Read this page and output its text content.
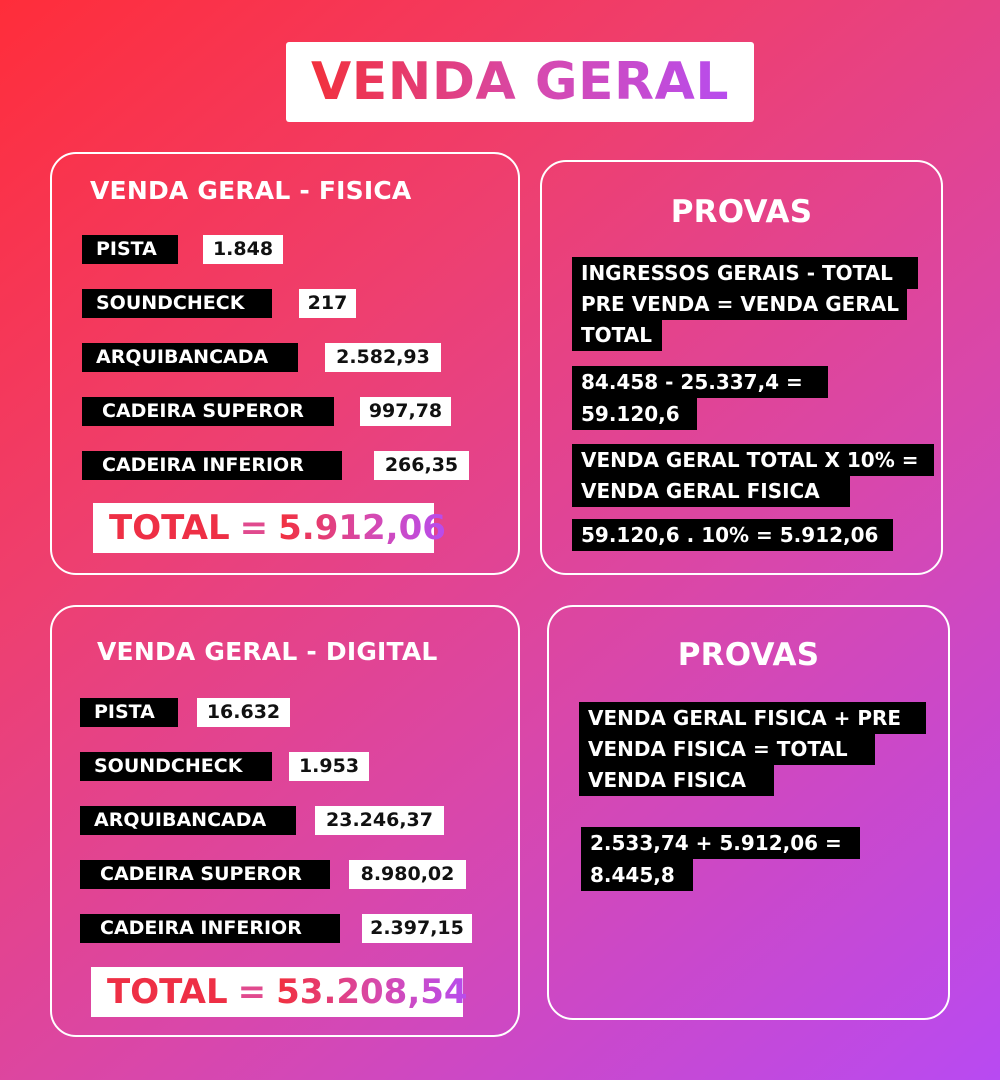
VENDA GERAL
VENDA GERAL - FISICA
PISTA	1.848
SOUNDCHECK	217
ARQUIBANCADA	2.582,93
CADEIRA SUPEROR	997,78
CADEIRA INFERIOR	266,35
TOTAL = 5.912,06
PROVAS
INGRESSOS GERAIS - TOTAL
PRE VENDA = VENDA GERAL
TOTAL
84.458 - 25.337,4 =
59.120,6
VENDA GERAL TOTAL X 10% =
VENDA GERAL FISICA
59.120,6 . 10% = 5.912,06
VENDA GERAL - DIGITAL
PISTA	16.632
SOUNDCHECK	1.953
ARQUIBANCADA	23.246,37
CADEIRA SUPEROR	8.980,02
CADEIRA INFERIOR	2.397,15
TOTAL = 53.208,54
PROVAS
VENDA GERAL FISICA + PRE
VENDA FISICA = TOTAL
VENDA FISICA
2.533,74 + 5.912,06 =
8.445,8
